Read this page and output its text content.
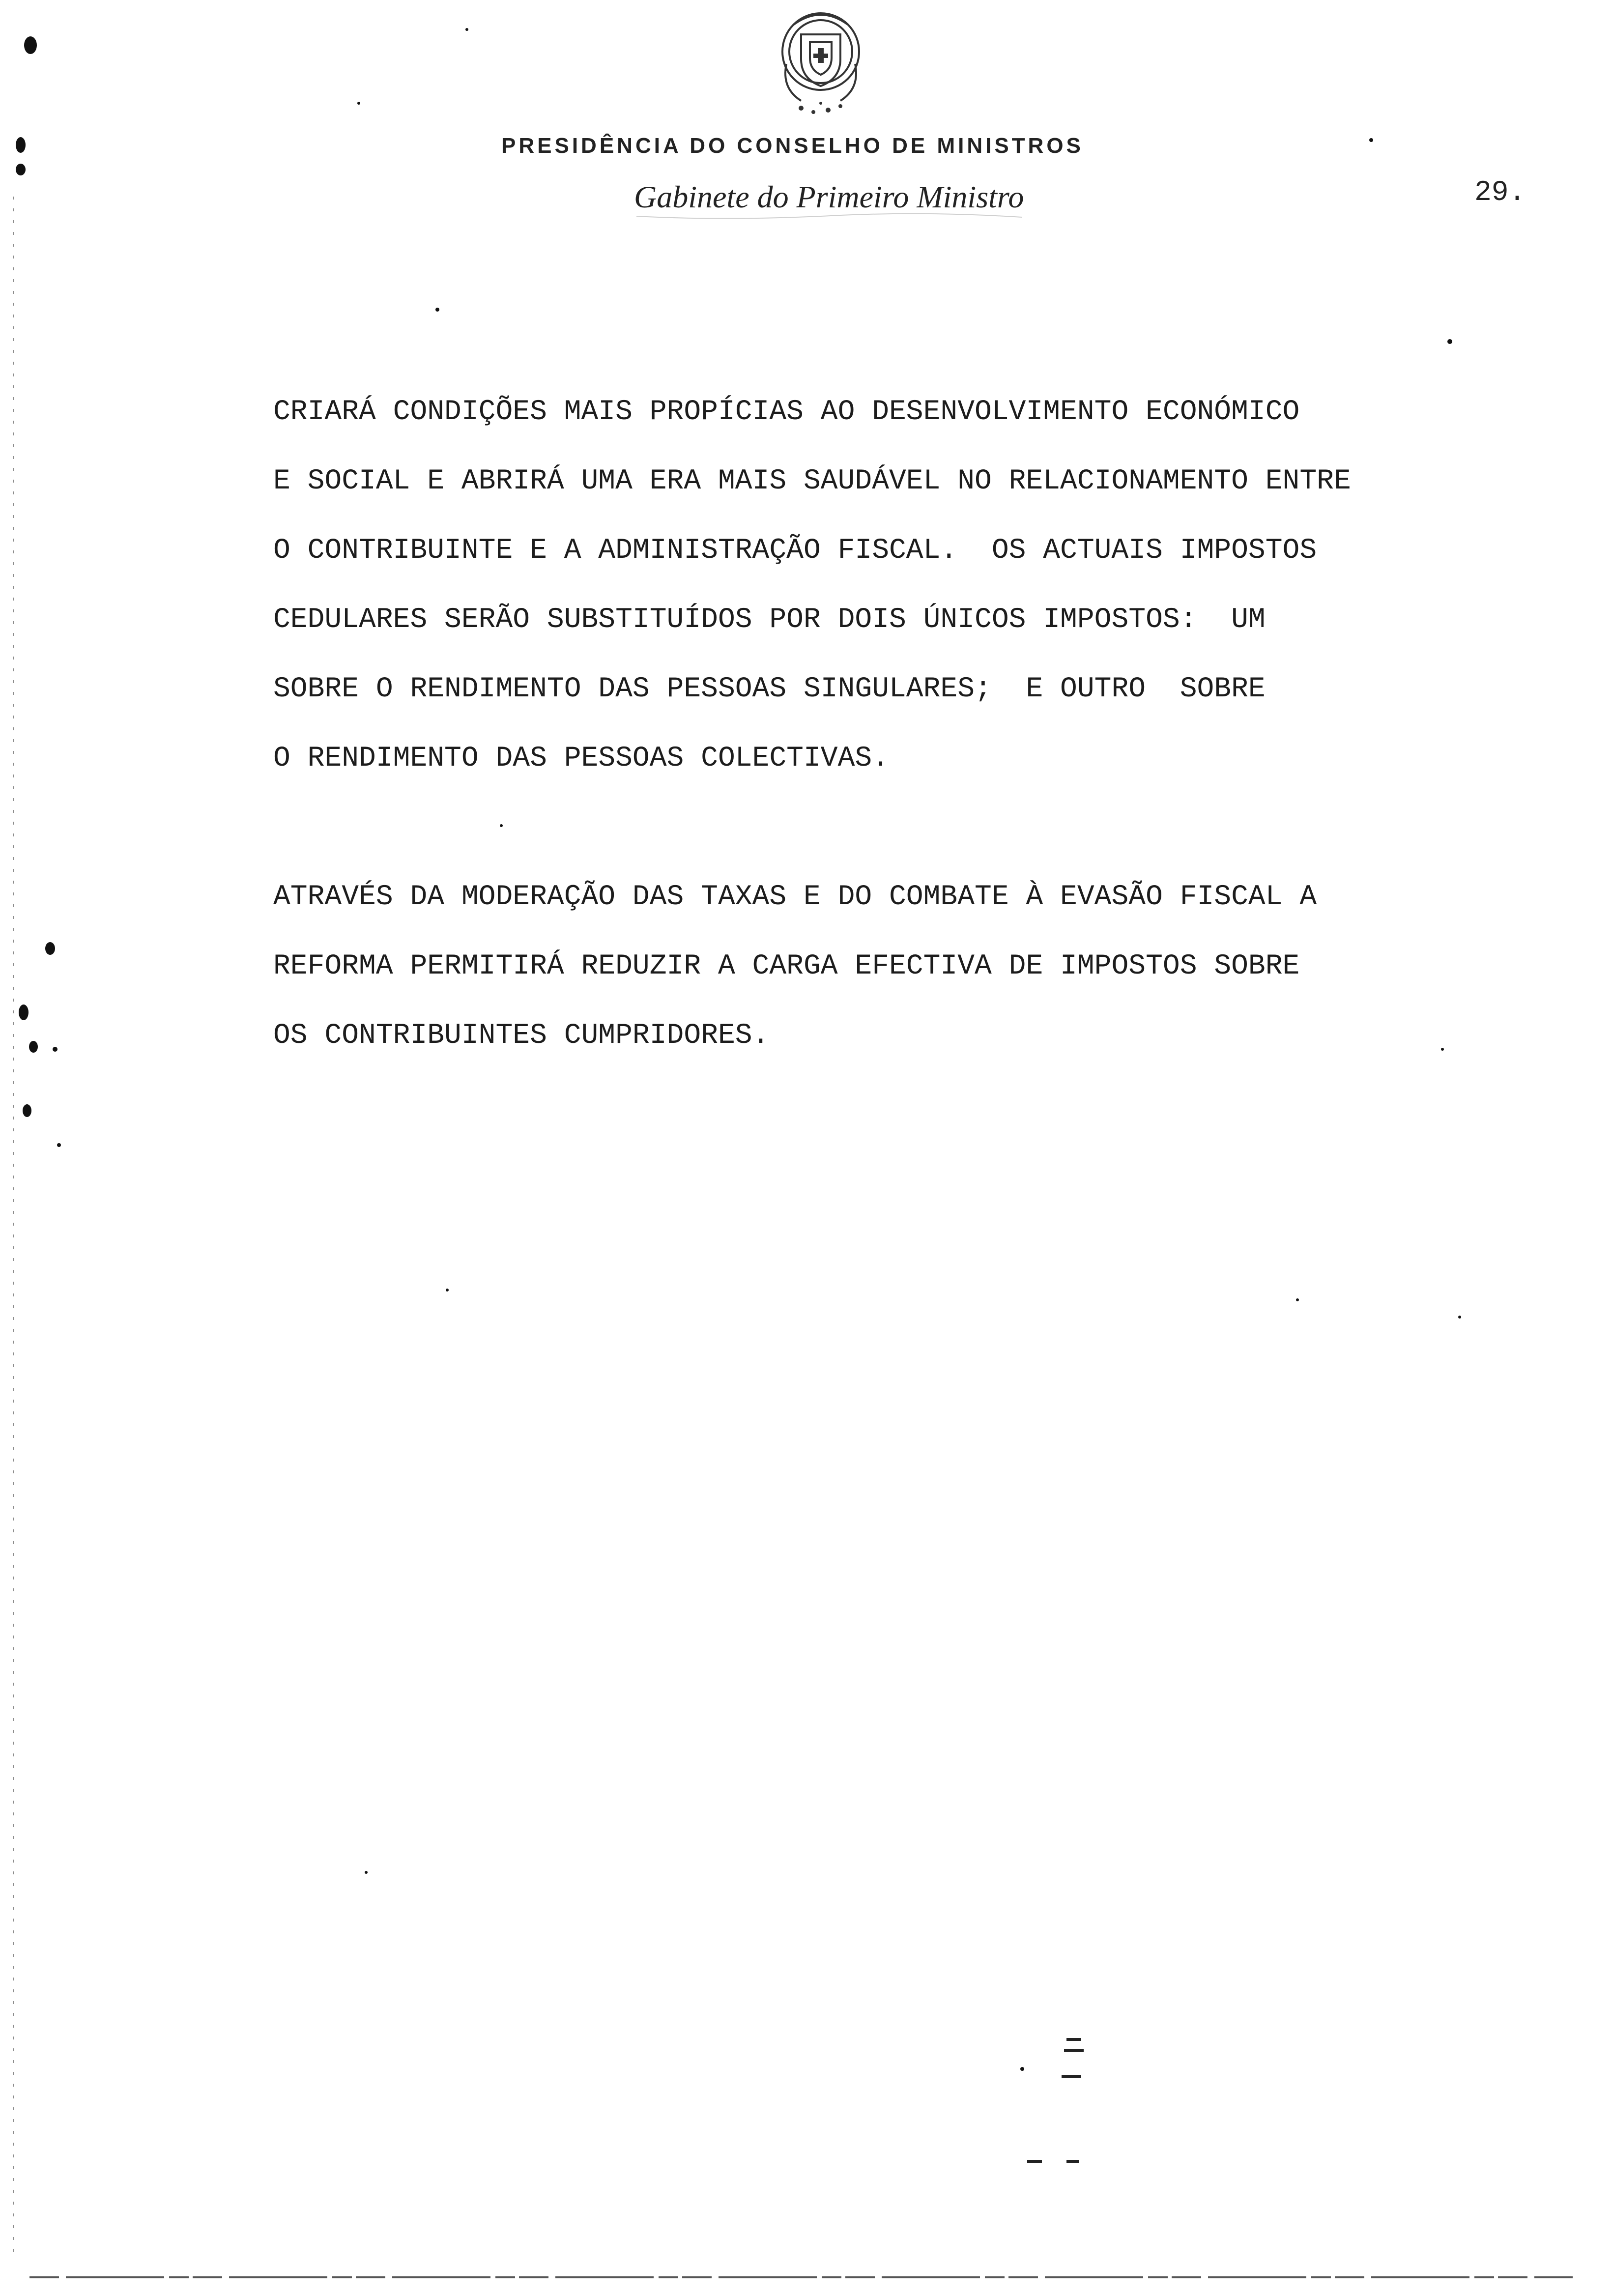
PRESIDÊNCIA DO CONSELHO DE MINISTROS
Gabinete do Primeiro Ministro	29.
CRIARÁ CONDIÇÕES MAIS PROPÍCIAS AO DESENVOLVIMENTO ECONÓMICO
E SOCIAL E ABRIRÁ UMA ERA MAIS SAUDÁVEL NO RELACIONAMENTO ENTRE
O CONTRIBUINTE E A ADMINISTRAÇÃO FISCAL.  OS ACTUAIS IMPOSTOS
CEDULARES SERÃO SUBSTITUÍDOS POR DOIS ÚNICOS IMPOSTOS:  UM
SOBRE O RENDIMENTO DAS PESSOAS SINGULARES;  E OUTRO  SOBRE
O RENDIMENTO DAS PESSOAS COLECTIVAS.
ATRAVÉS DA MODERAÇÃO DAS TAXAS E DO COMBATE À EVASÃO FISCAL A
REFORMA PERMITIRÁ REDUZIR A CARGA EFECTIVA DE IMPOSTOS SOBRE
OS CONTRIBUINTES CUMPRIDORES.
